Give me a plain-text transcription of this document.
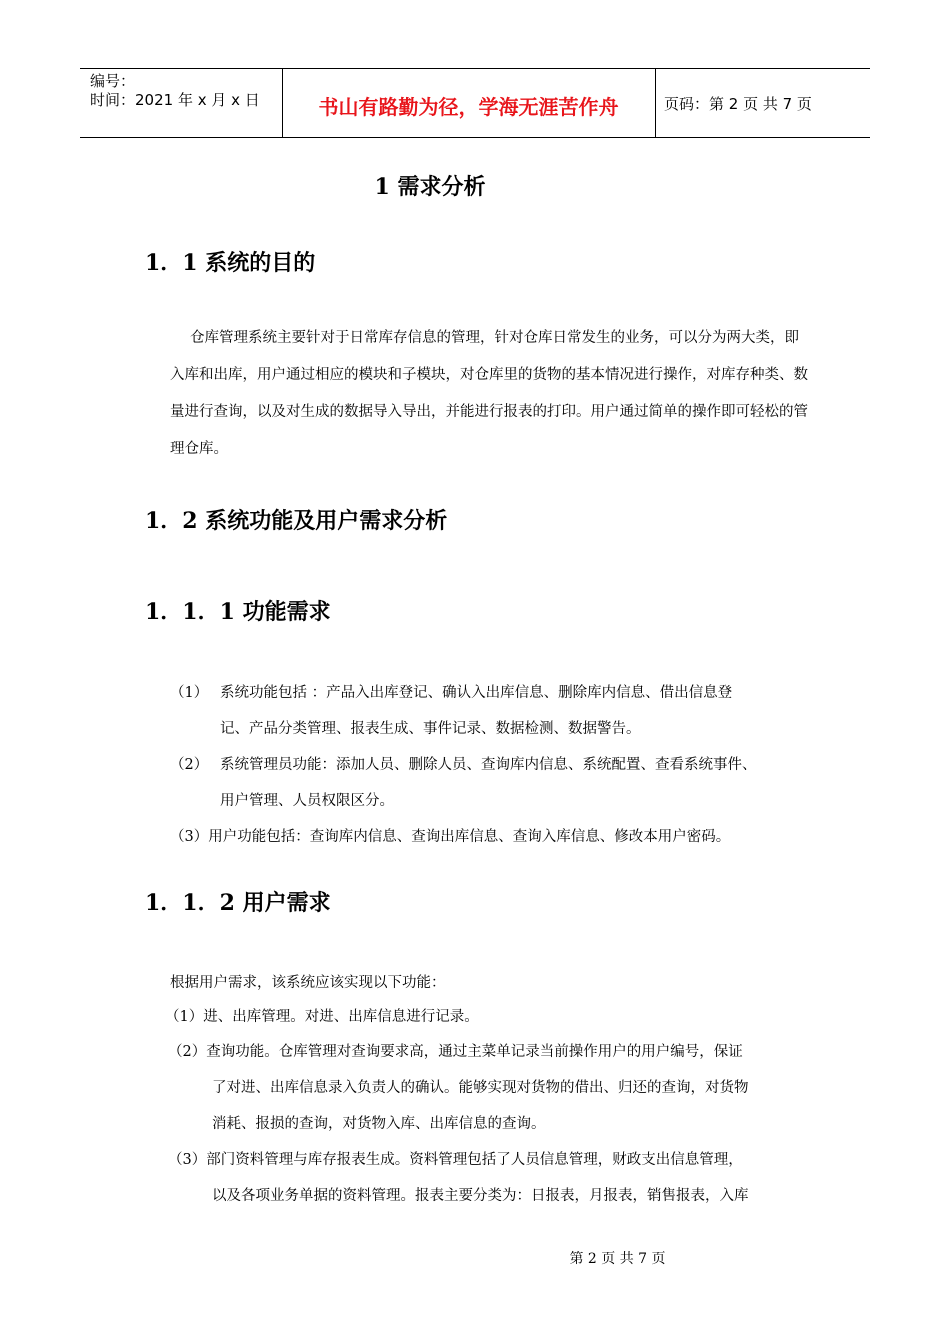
编号：
时间：2021 年 x 月 x 日	书山有路勤为径，学海无涯苦作舟	页码：第 2 页 共 7 页
1 需求分析
1．1 系统的目的
仓库管理系统主要针对于日常库存信息的管理，针对仓库日常发生的业务，可以分为两大类，即入库和出库，用户通过相应的模块和子模块，对仓库里的货物的基本情况进行操作，对库存种类、数量进行查询，以及对生成的数据导入导出，并能进行报表的打印。用户通过简单的操作即可轻松的管理仓库。
1．2 系统功能及用户需求分析
1．1．1 功能需求
（1） 系统功能包括 ：产品入出库登记、确认入出库信息、删除库内信息、借出信息登
记、产品分类管理、报表生成、事件记录、数据检测、数据警告。
（2） 系统管理员功能：添加人员、删除人员、查询库内信息、系统配置、查看系统事件、
用户管理、人员权限区分。
（3）用户功能包括：查询库内信息、查询出库信息、查询入库信息、修改本用户密码。
1．1．2 用户需求
根据用户需求，该系统应该实现以下功能：
（1）进、出库管理。对进、出库信息进行记录。
（2）查询功能。仓库管理对查询要求高，通过主菜单记录当前操作用户的用户编号，保证
了对进、出库信息录入负责人的确认。能够实现对货物的借出、归还的查询，对货物
消耗、报损的查询，对货物入库、出库信息的查询。
（3）部门资料管理与库存报表生成。资料管理包括了人员信息管理，财政支出信息管理，
以及各项业务单据的资料管理。报表主要分类为：日报表，月报表，销售报表，入库
第 2 页 共 7 页
